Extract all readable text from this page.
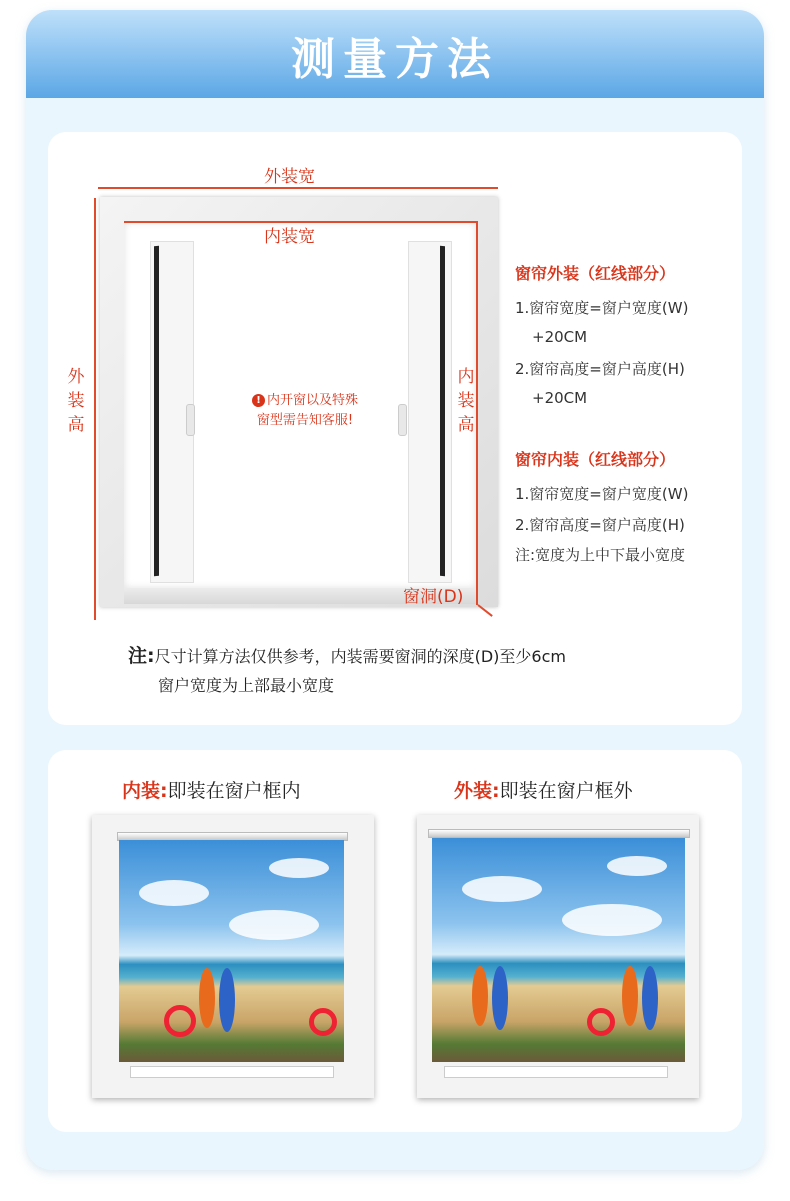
测量方法
外装宽
内装宽
外
装
高
内
装
高
窗洞(D)
! 内开窗以及特殊
窗型需告知客服!
窗帘外装（红线部分）
1.窗帘宽度=窗户宽度(W)
+20CM
2.窗帘高度=窗户高度(H)
+20CM
窗帘内装（红线部分）
1.窗帘宽度=窗户宽度(W)
2.窗帘高度=窗户高度(H)
注:宽度为上中下最小宽度
注:尺寸计算方法仅供参考，内装需要窗洞的深度(D)至少6cm
窗户宽度为上部最小宽度
内装:即装在窗户框内	外装:即装在窗户框外
